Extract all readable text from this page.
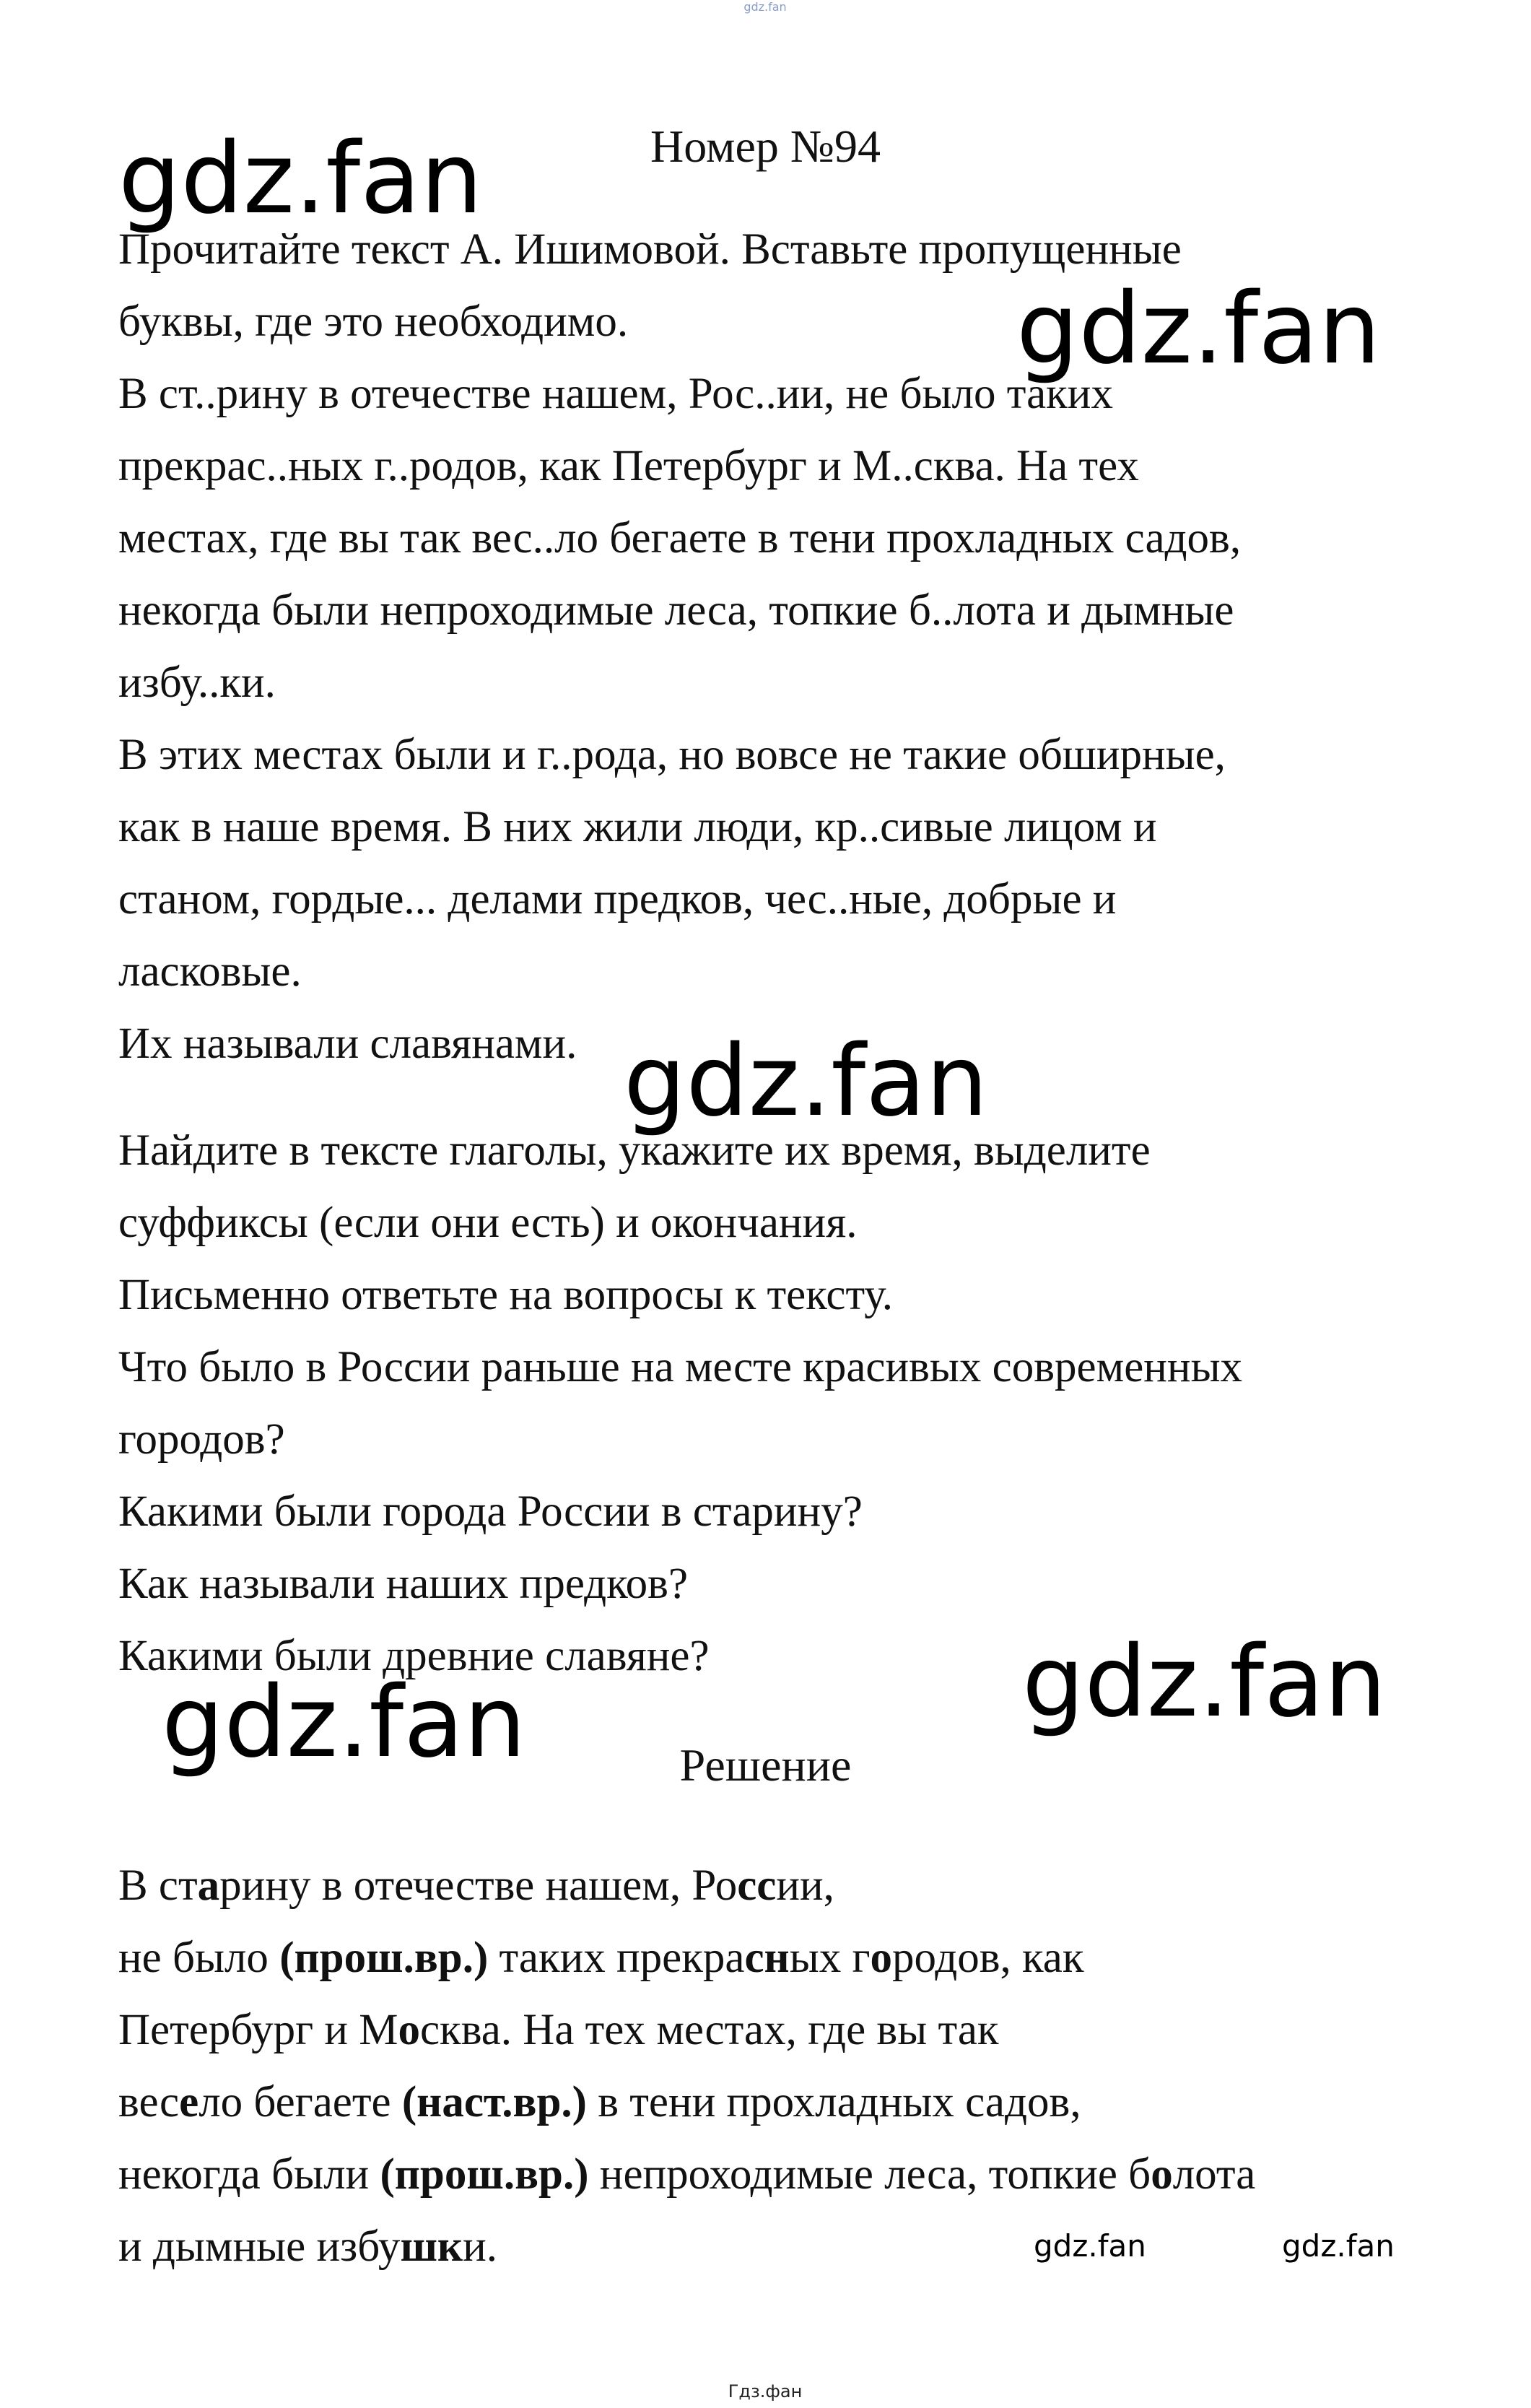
gdz.fan
gdz.fan
gdz.fan
gdz.fan
gdz.fan
gdz.fan
gdz.fan	gdz.fan
Номер №94
Прочитайте текст А. Ишимовой. Вставьте пропущенные
буквы, где это необходимо.
В ст..рину в отечестве нашем, Рос..ии, не было таких
прекрас..ных г..родов, как Петербург и М..сква. На тех
местах, где вы так вес..ло бегаете в тени прохладных садов,
некогда были непроходимые леса, топкие б..лота и дымные
избу..ки.
В этих местах были и г..рода, но вовсе не такие обширные,
как в наше время. В них жили люди, кр..сивые лицом и
станом, гордые... делами предков, чес..ные, добрые и
ласковые.
Их называли славянами.
Найдите в тексте глаголы, укажите их время, выделите
суффиксы (если они есть) и окончания.
Письменно ответьте на вопросы к тексту.
Что было в России раньше на месте красивых современных
городов?
Какими были города России в старину?
Как называли наших предков?
Какими были древние славяне?
Решение
В старину в отечестве нашем, России,
не было (прош.вр.) таких прекрасных городов, как
Петербург и Москва. На тех местах, где вы так
весело бегаете (наст.вр.) в тени прохладных садов,
некогда были (прош.вр.) непроходимые леса, топкие болота
и дымные избушки.
Гдз.фан
